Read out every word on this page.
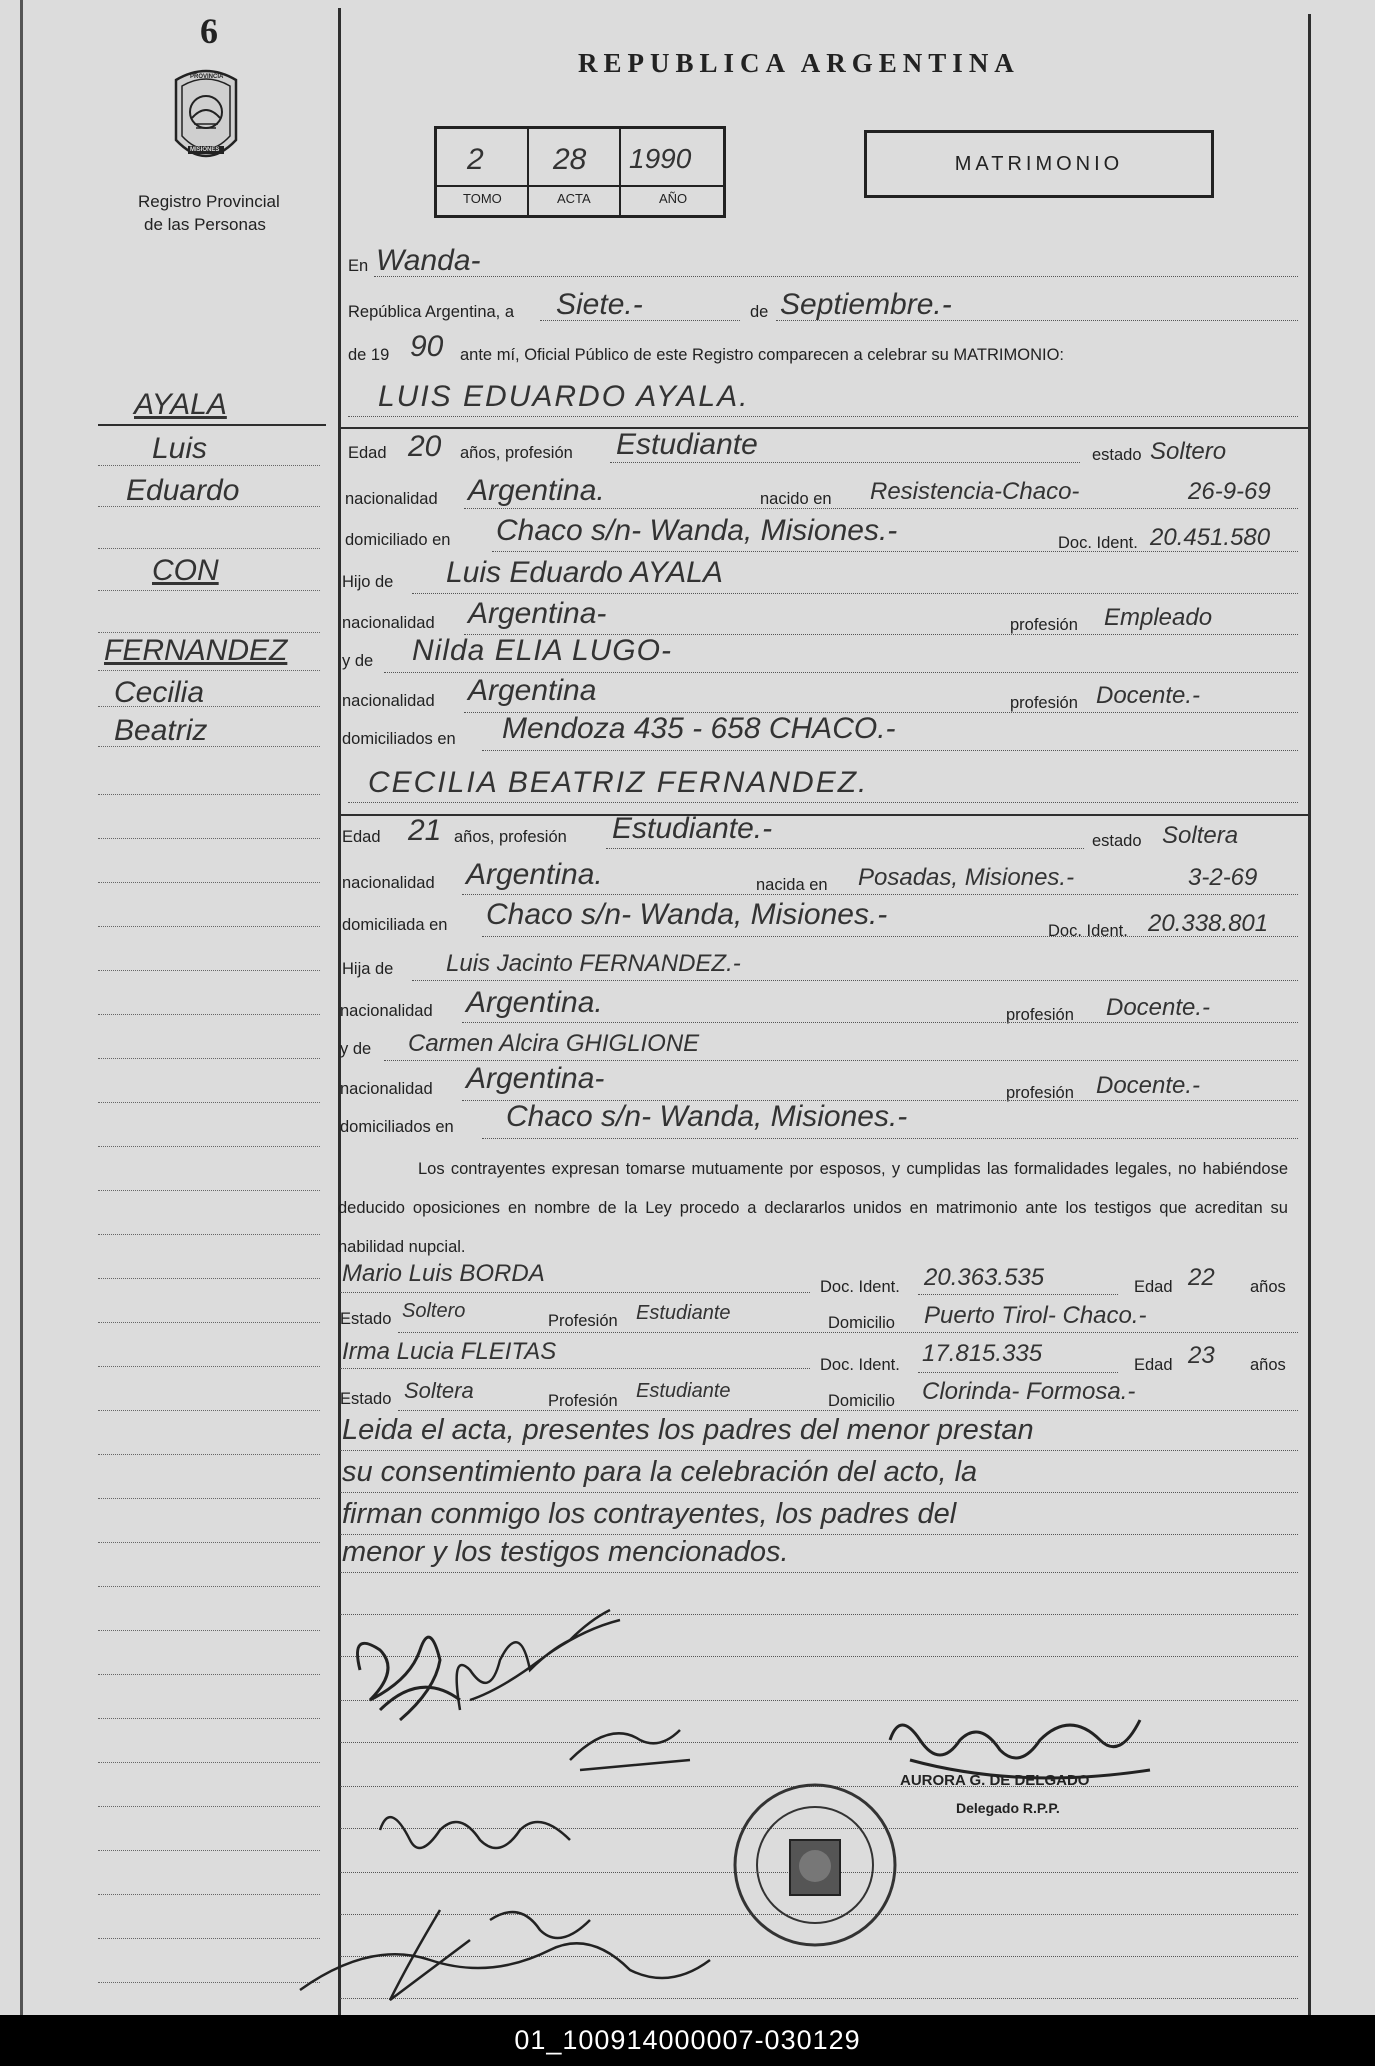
6
PROVINCIA
MISIONES
Registro Provincial
de las Personas
REPUBLICA ARGENTINA
2 28 1990
TOMO	ACTA	AÑO
MATRIMONIO
AYALA
Luis
Eduardo
CON
FERNANDEZ
Cecilia
Beatriz
En Wanda-
República Argentina, a Siete.-	de Septiembre.-
de 19 90 ante mí, Oficial Público de este Registro comparecen a celebrar su MATRIMONIO:
LUIS EDUARDO AYALA.
Edad 20 años, profesión Estudiante	estado Soltero
nacionalidad Argentina.	nacido en Resistencia-Chaco-	26-9-69
domiciliado en Chaco s/n- Wanda, Misiones.-	Doc. Ident. 20.451.580
Hijo de Luis Eduardo AYALA
nacionalidad Argentina-	profesión Empleado
y de Nilda ELIA LUGO-
nacionalidad Argentina	profesión Docente.-
domiciliados en Mendoza 435 - 658 CHACO.-
CECILIA BEATRIZ FERNANDEZ.
Edad 21 años, profesión Estudiante.-	estado Soltera
nacionalidad Argentina.	nacida en Posadas, Misiones.-	3-2-69
domiciliada en Chaco s/n- Wanda, Misiones.-	Doc. Ident. 20.338.801
Hija de Luis Jacinto FERNANDEZ.-
nacionalidad Argentina.	profesión Docente.-
y de Carmen Alcira GHIGLIONE
nacionalidad Argentina-	profesión Docente.-
domiciliados en Chaco s/n- Wanda, Misiones.-
Los contrayentes expresan tomarse mutuamente por esposos, y cumplidas las formalidades legales, no habiéndose deducido oposiciones en nombre de la Ley procedo a declararlos unidos en matrimonio ante los testigos que acreditan su habilidad nupcial.
Mario Luis BORDA	Doc. Ident. 20.363.535	Edad 22 años
Estado Soltero	Profesión Estudiante	Domicilio Puerto Tirol- Chaco.-
Irma Lucia FLEITAS	Doc. Ident. 17.815.335	Edad 23 años
Estado Soltera	Profesión Estudiante	Domicilio Clorinda- Formosa.-
Leida el acta, presentes los padres del menor prestan
su consentimiento para la celebración del acto, la
firman conmigo los contrayentes, los padres del
menor y los testigos mencionados.
AURORA G. DE DELGADO
Delegado R.P.P.
01_100914000007-030129
